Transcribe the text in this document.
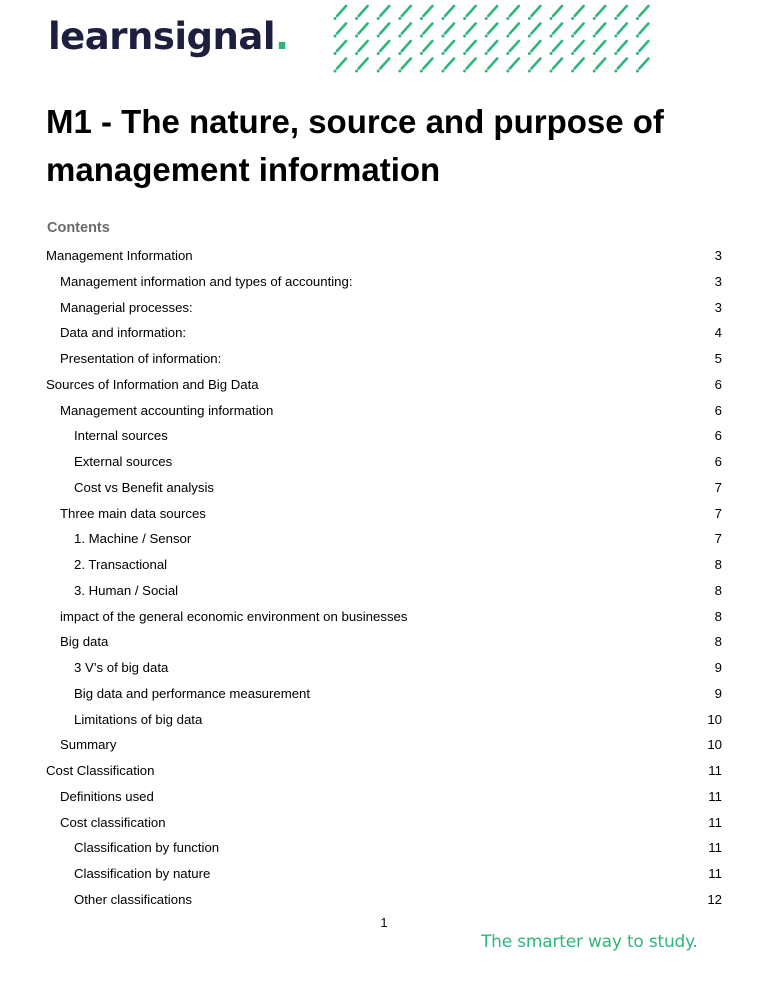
learnsignal.
M1 - The nature, source and purpose of management information
Contents
Management Information	3
Management information and types of accounting:	3
Managerial processes:	3
Data and information:	4
Presentation of information:	5
Sources of Information and Big Data	6
Management accounting information	6
Internal sources	6
External sources	6
Cost vs Benefit analysis	7
Three main data sources	7
1. Machine / Sensor	7
2. Transactional	8
3. Human / Social	8
impact of the general economic environment on businesses	8
Big data	8
3 V’s of big data	9
Big data and performance measurement	9
Limitations of big data	10
Summary	10
Cost Classification	11
Definitions used	11
Cost classification	11
Classification by function	11
Classification by nature	11
Other classifications	12
1
The smarter way to study.
